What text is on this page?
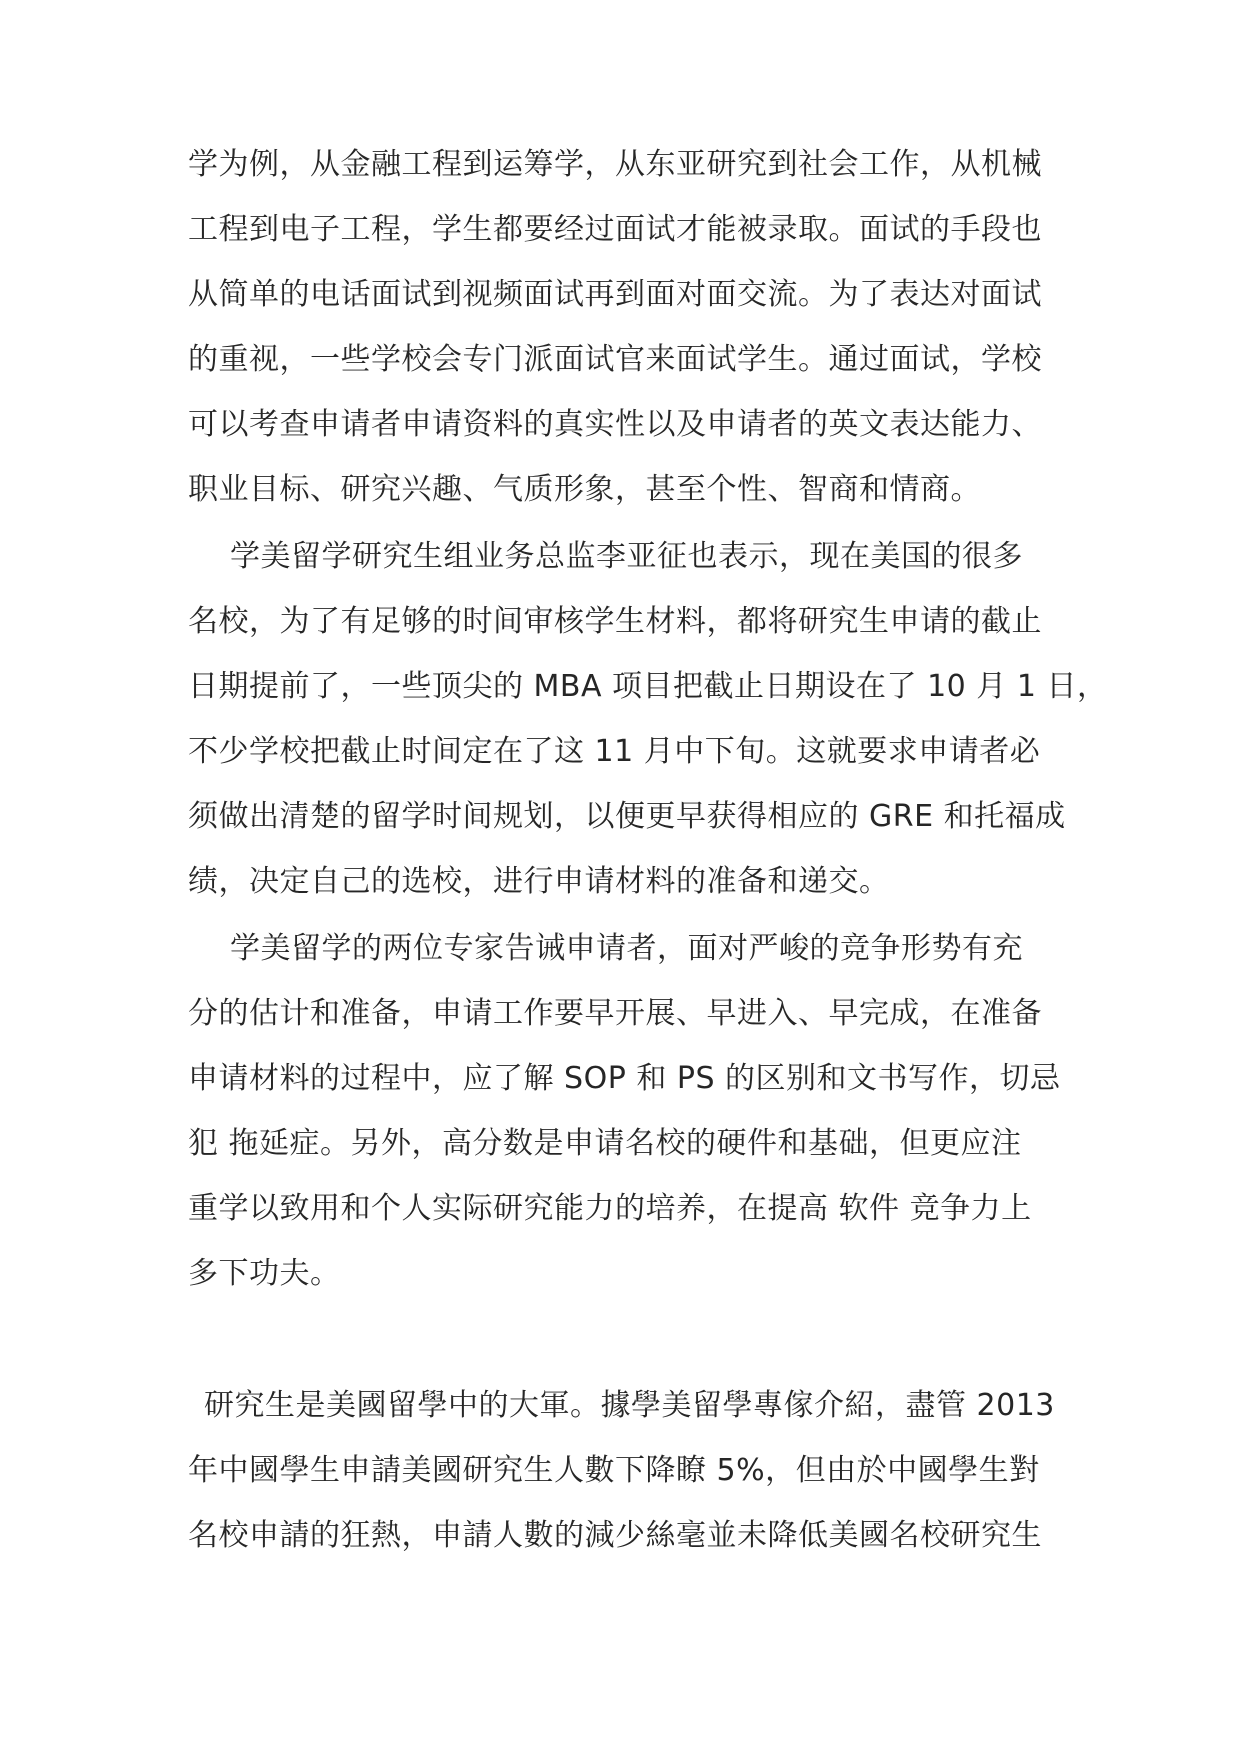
学为例，从金融工程到运筹学，从东亚研究到社会工作，从机械
工程到电子工程，学生都要经过面试才能被录取。面试的手段也
从简单的电话面试到视频面试再到面对面交流。为了表达对面试
的重视，一些学校会专门派面试官来面试学生。通过面试，学校
可以考查申请者申请资料的真实性以及申请者的英文表达能力、
职业目标、研究兴趣、气质形象，甚至个性、智商和情商。
学美留学研究生组业务总监李亚征也表示，现在美国的很多
名校，为了有足够的时间审核学生材料，都将研究生申请的截止
日期提前了，一些顶尖的 MBA 项目把截止日期设在了 10 月 1 日，
不少学校把截止时间定在了这 11 月中下旬。这就要求申请者必
须做出清楚的留学时间规划，以便更早获得相应的 GRE 和托福成
绩，决定自己的选校，进行申请材料的准备和递交。
学美留学的两位专家告诫申请者，面对严峻的竞争形势有充
分的估计和准备，申请工作要早开展、早进入、早完成，在准备
申请材料的过程中，应了解 SOP 和 PS 的区别和文书写作，切忌
犯 拖延症。另外，高分数是申请名校的硬件和基础，但更应注
重学以致用和个人实际研究能力的培养，在提高 软件 竞争力上
多下功夫。
研究生是美國留學中的大軍。據學美留學專傢介紹，盡管 2013
年中國學生申請美國研究生人數下降瞭 5%，但由於中國學生對
名校申請的狂熱，申請人數的減少絲毫並未降低美國名校研究生
